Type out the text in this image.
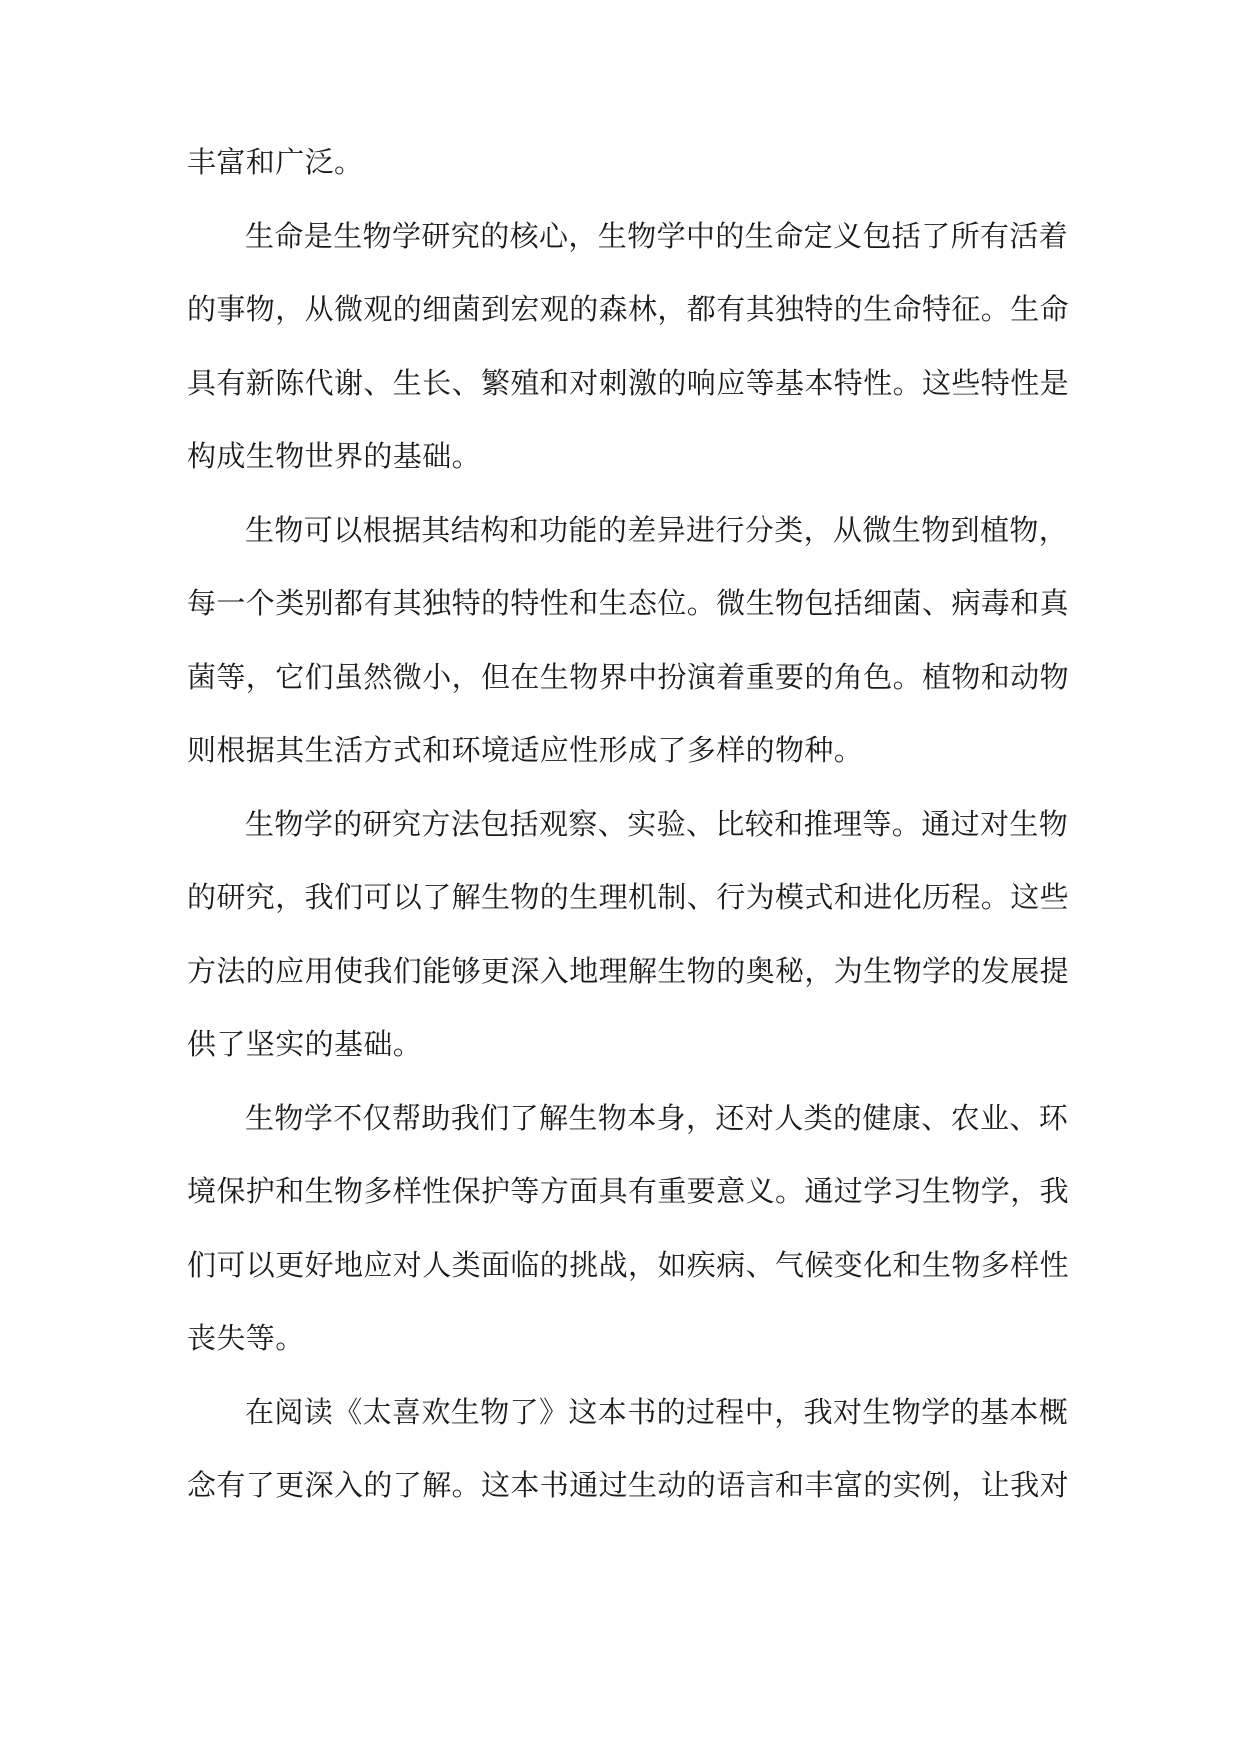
丰富和广泛。
生命是生物学研究的核心，生物学中的生命定义包括了所有活着
的事物，从微观的细菌到宏观的森林，都有其独特的生命特征。生命
具有新陈代谢、生长、繁殖和对刺激的响应等基本特性。这些特性是
构成生物世界的基础。
生物可以根据其结构和功能的差异进行分类，从微生物到植物，
每一个类别都有其独特的特性和生态位。微生物包括细菌、病毒和真
菌等，它们虽然微小，但在生物界中扮演着重要的角色。植物和动物
则根据其生活方式和环境适应性形成了多样的物种。
生物学的研究方法包括观察、实验、比较和推理等。通过对生物
的研究，我们可以了解生物的生理机制、行为模式和进化历程。这些
方法的应用使我们能够更深入地理解生物的奥秘，为生物学的发展提
供了坚实的基础。
生物学不仅帮助我们了解生物本身，还对人类的健康、农业、环
境保护和生物多样性保护等方面具有重要意义。通过学习生物学，我
们可以更好地应对人类面临的挑战，如疾病、气候变化和生物多样性
丧失等。
在阅读《太喜欢生物了》这本书的过程中，我对生物学的基本概
念有了更深入的了解。这本书通过生动的语言和丰富的实例，让我对
